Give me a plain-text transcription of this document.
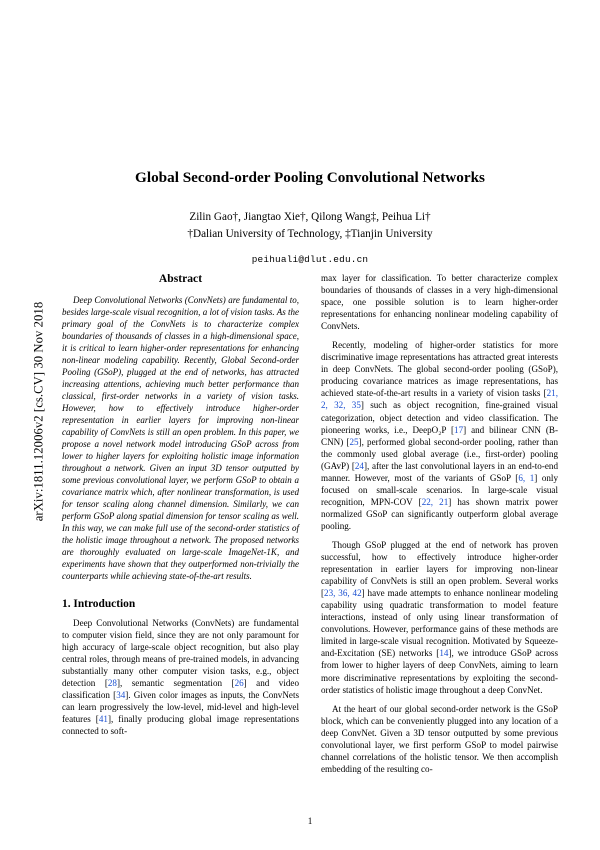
arXiv:1811.12006v2 [cs.CV] 30 Nov 2018
Global Second-order Pooling Convolutional Networks
Zilin Gao†, Jiangtao Xie†, Qilong Wang‡, Peihua Li†
†Dalian University of Technology, ‡Tianjin University
peihuali@dlut.edu.cn
Abstract

Deep Convolutional Networks (ConvNets) are fundamental to, besides large-scale visual recognition, a lot of vision tasks. As the primary goal of the ConvNets is to characterize complex boundaries of thousands of classes in a high-dimensional space, it is critical to learn higher-order representations for enhancing non-linear modeling capability. Recently, Global Second-order Pooling (GSoP), plugged at the end of networks, has attracted increasing attentions, achieving much better performance than classical, first-order networks in a variety of vision tasks. However, how to effectively introduce higher-order representation in earlier layers for improving non-linear capability of ConvNets is still an open problem. In this paper, we propose a novel network model introducing GSoP across from lower to higher layers for exploiting holistic image information throughout a network. Given an input 3D tensor outputted by some previous convolutional layer, we perform GSoP to obtain a covariance matrix which, after nonlinear transformation, is used for tensor scaling along channel dimension. Similarly, we can perform GSoP along spatial dimension for tensor scaling as well. In this way, we can make full use of the second-order statistics of the holistic image throughout a network. The proposed networks are thoroughly evaluated on large-scale ImageNet-1K, and experiments have shown that they outperformed non-trivially the counterparts while achieving state-of-the-art results.

1. Introduction

Deep Convolutional Networks (ConvNets) are fundamental to computer vision field, since they are not only paramount for high accuracy of large-scale object recognition, but also play central roles, through means of pre-trained models, in advancing substantially many other computer vision tasks, e.g., object detection [28], semantic segmentation [26] and video classification [34]. Given color images as inputs, the ConvNets can learn progressively the low-level, mid-level and high-level features [41], finally producing global image representations connected to soft-

max layer for classification. To better characterize complex boundaries of thousands of classes in a very high-dimensional space, one possible solution is to learn higher-order representations for enhancing nonlinear modeling capability of ConvNets.

Recently, modeling of higher-order statistics for more discriminative image representations has attracted great interests in deep ConvNets. The global second-order pooling (GSoP), producing covariance matrices as image representations, has achieved state-of-the-art results in a variety of vision tasks [21, 2, 32, 35] such as object recognition, fine-grained visual categorization, object detection and video classification. The pioneering works, i.e., DeepO₂P [17] and bilinear CNN (B-CNN) [25], performed global second-order pooling, rather than the commonly used global average (i.e., first-order) pooling (GAvP) [24], after the last convolutional layers in an end-to-end manner. However, most of the variants of GSoP [6, 1] only focused on small-scale scenarios. In large-scale visual recognition, MPN-COV [22, 21] has shown matrix power normalized GSoP can significantly outperform global average pooling.

Though GSoP plugged at the end of network has proven successful, how to effectively introduce higher-order representation in earlier layers for improving non-linear capability of ConvNets is still an open problem. Several works [23, 36, 42] have made attempts to enhance nonlinear modeling capability using quadratic transformation to model feature interactions, instead of only using linear transformation of convolutions. However, performance gains of these methods are limited in large-scale visual recognition. Motivated by Squeeze-and-Excitation (SE) networks [14], we introduce GSoP across from lower to higher layers of deep ConvNets, aiming to learn more discriminative representations by exploiting the second-order statistics of holistic image throughout a deep ConvNet.

At the heart of our global second-order network is the GSoP block, which can be conveniently plugged into any location of a deep ConvNet. Given a 3D tensor outputted by some previous convolutional layer, we first perform GSoP to model pairwise channel correlations of the holistic tensor. We then accomplish embedding of the resulting co-

1
